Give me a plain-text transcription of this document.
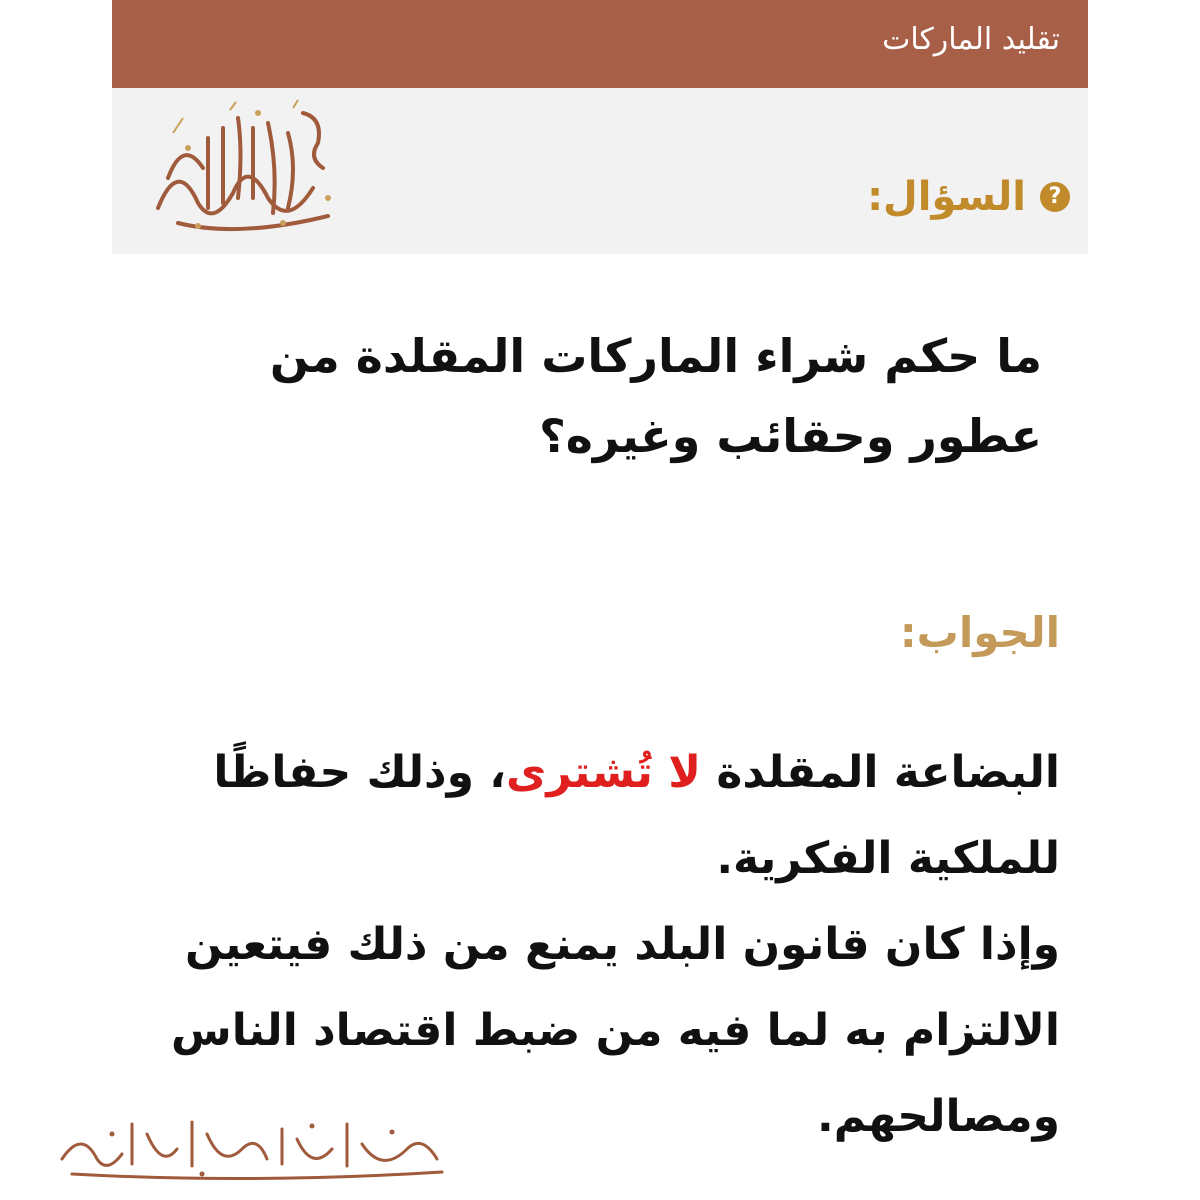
تقليد الماركات
?
السؤال:
ما حكم شراء الماركات المقلدة من عطور وحقائب وغيره؟
الجواب:

البضاعة المقلدة لا تُشترى، وذلك حفاظًا للملكية الفكرية.

وإذا كان قانون البلد يمنع من ذلك فيتعين الالتزام به لما فيه من ضبط اقتصاد الناس ومصالحهم.
